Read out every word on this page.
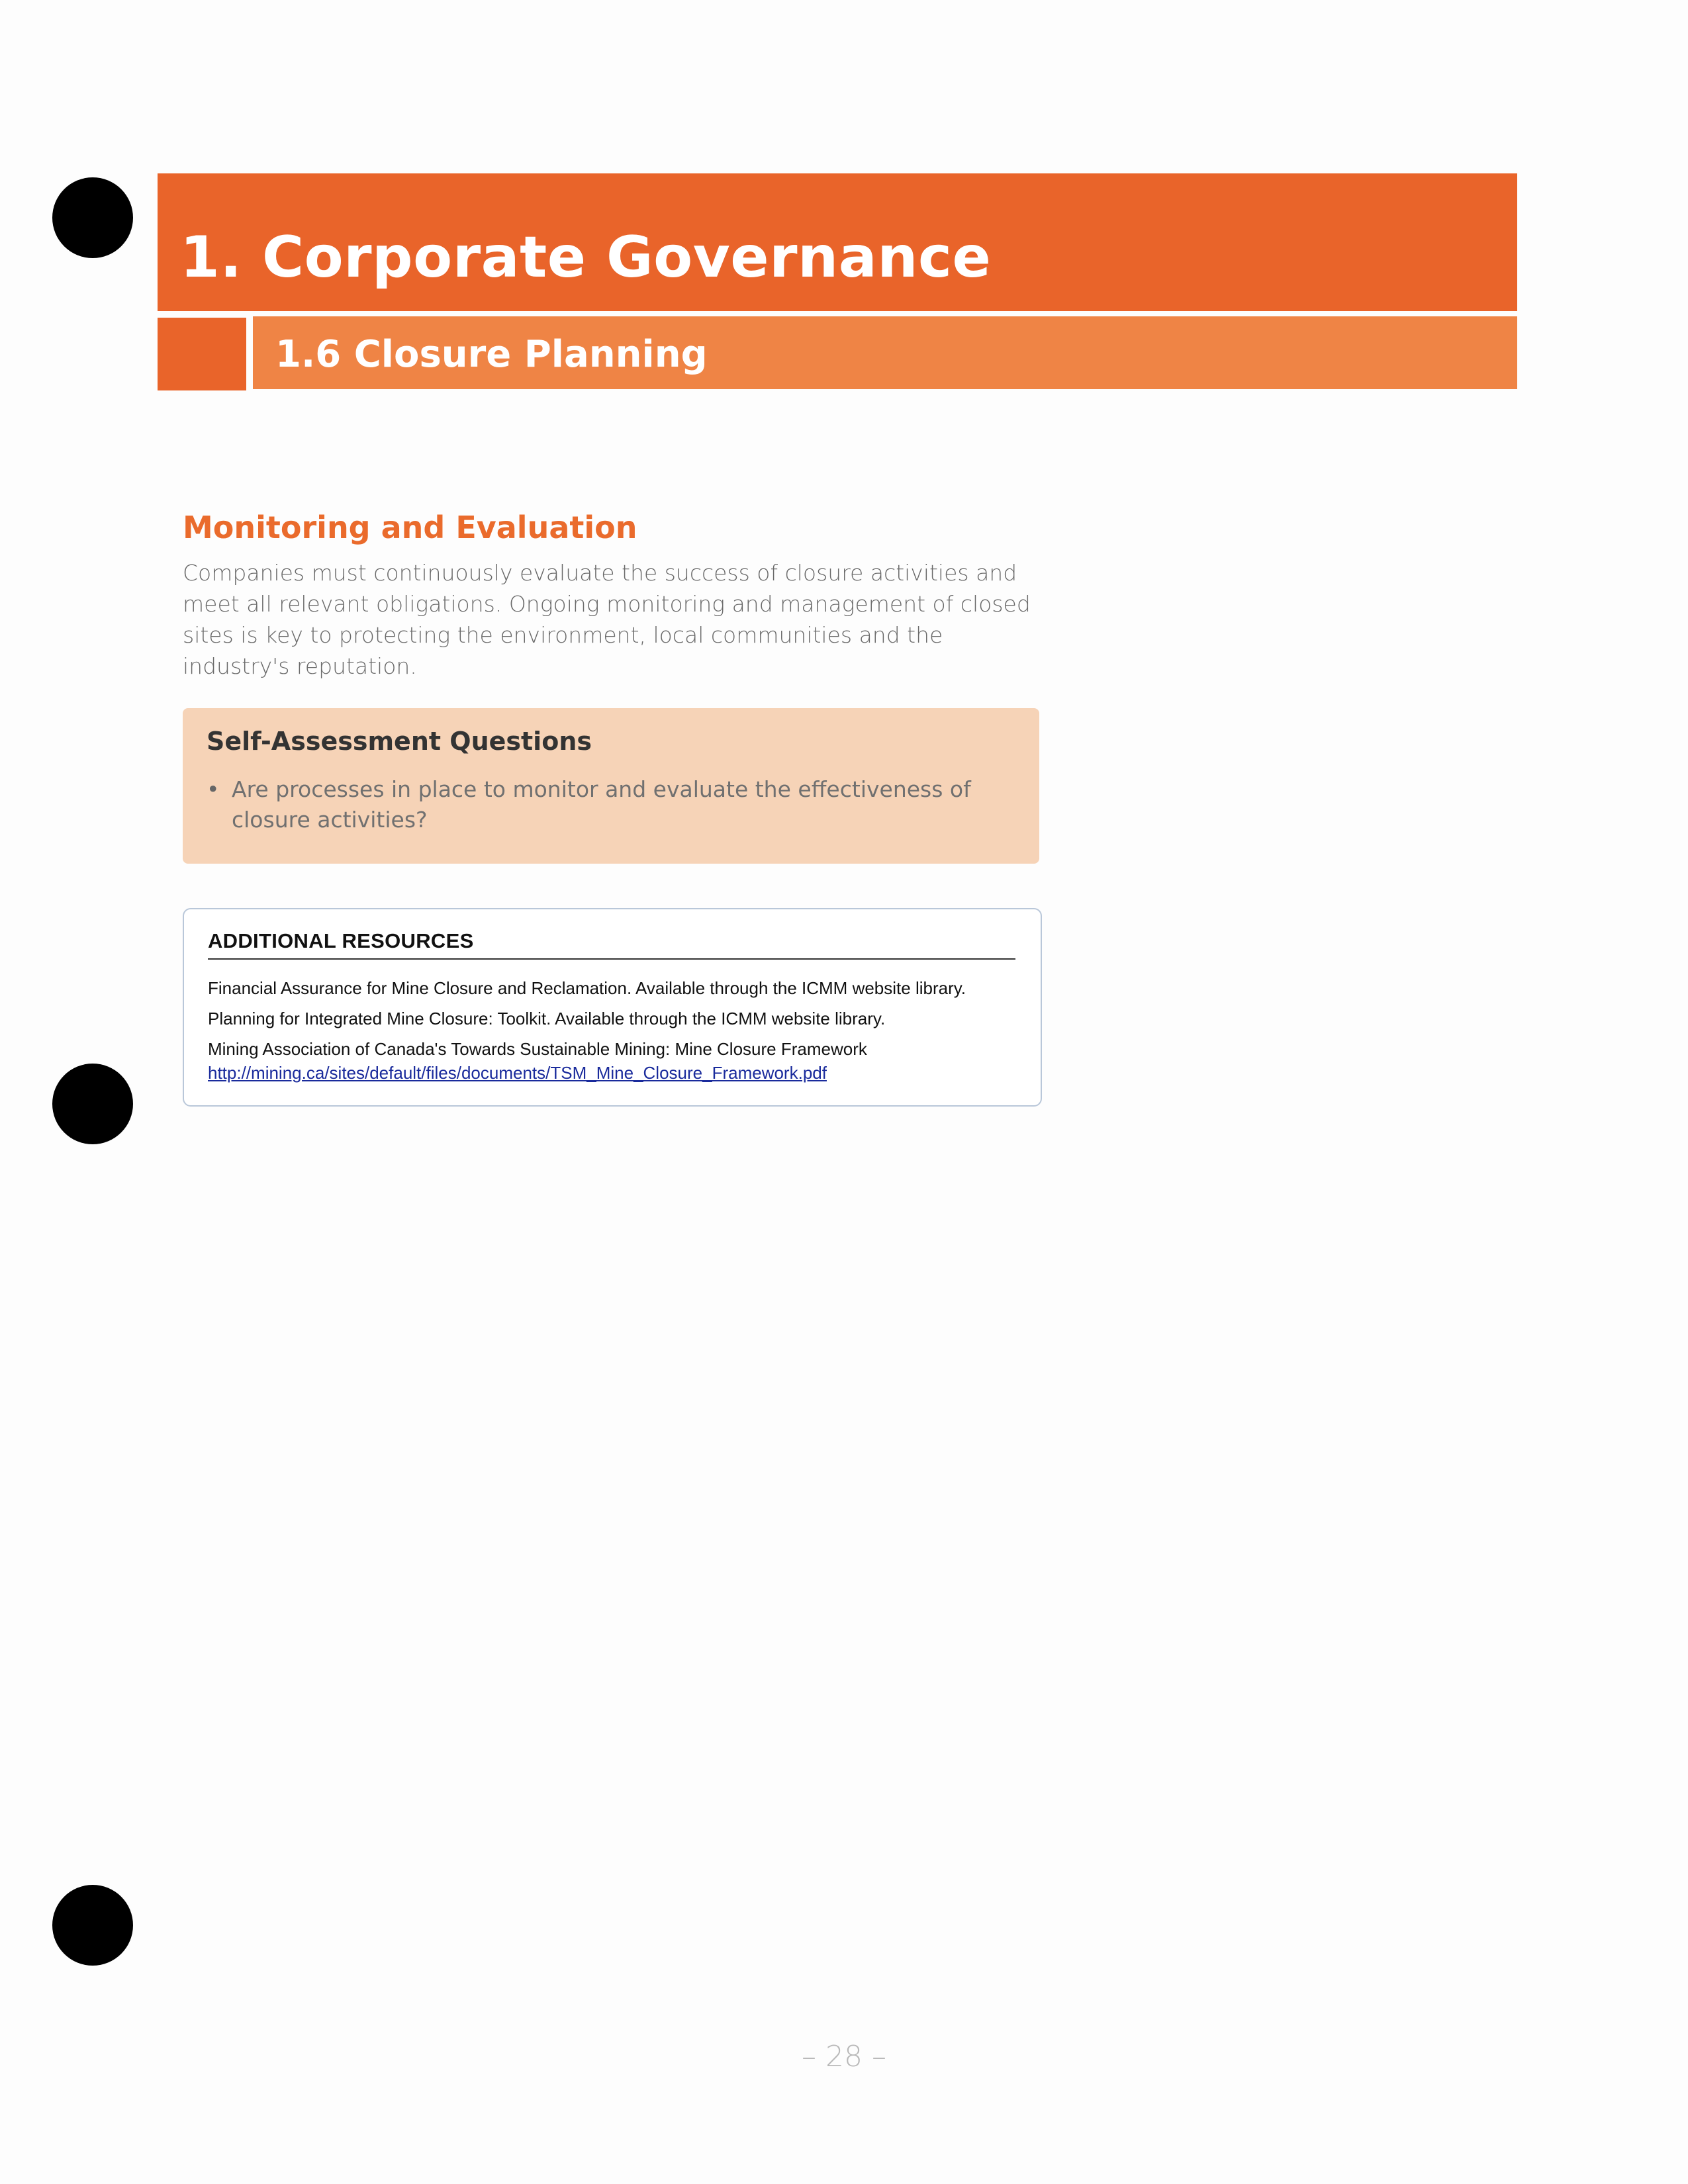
1. Corporate Governance
1.6 Closure Planning
Monitoring and Evaluation

Companies must continuously evaluate the success of closure activities and meet all relevant obligations. Ongoing monitoring and management of closed sites is key to protecting the environment, local communities and the industry's reputation.

Self-Assessment Questions
• Are processes in place to monitor and evaluate the effectiveness of closure activities?
ADDITIONAL RESOURCES

Financial Assurance for Mine Closure and Reclamation. Available through the ICMM website library.

Planning for Integrated Mine Closure: Toolkit. Available through the ICMM website library.

Mining Association of Canada's Towards Sustainable Mining: Mine Closure Framework

http://mining.ca/sites/default/files/documents/TSM_Mine_Closure_Framework.pdf
– 28 –
